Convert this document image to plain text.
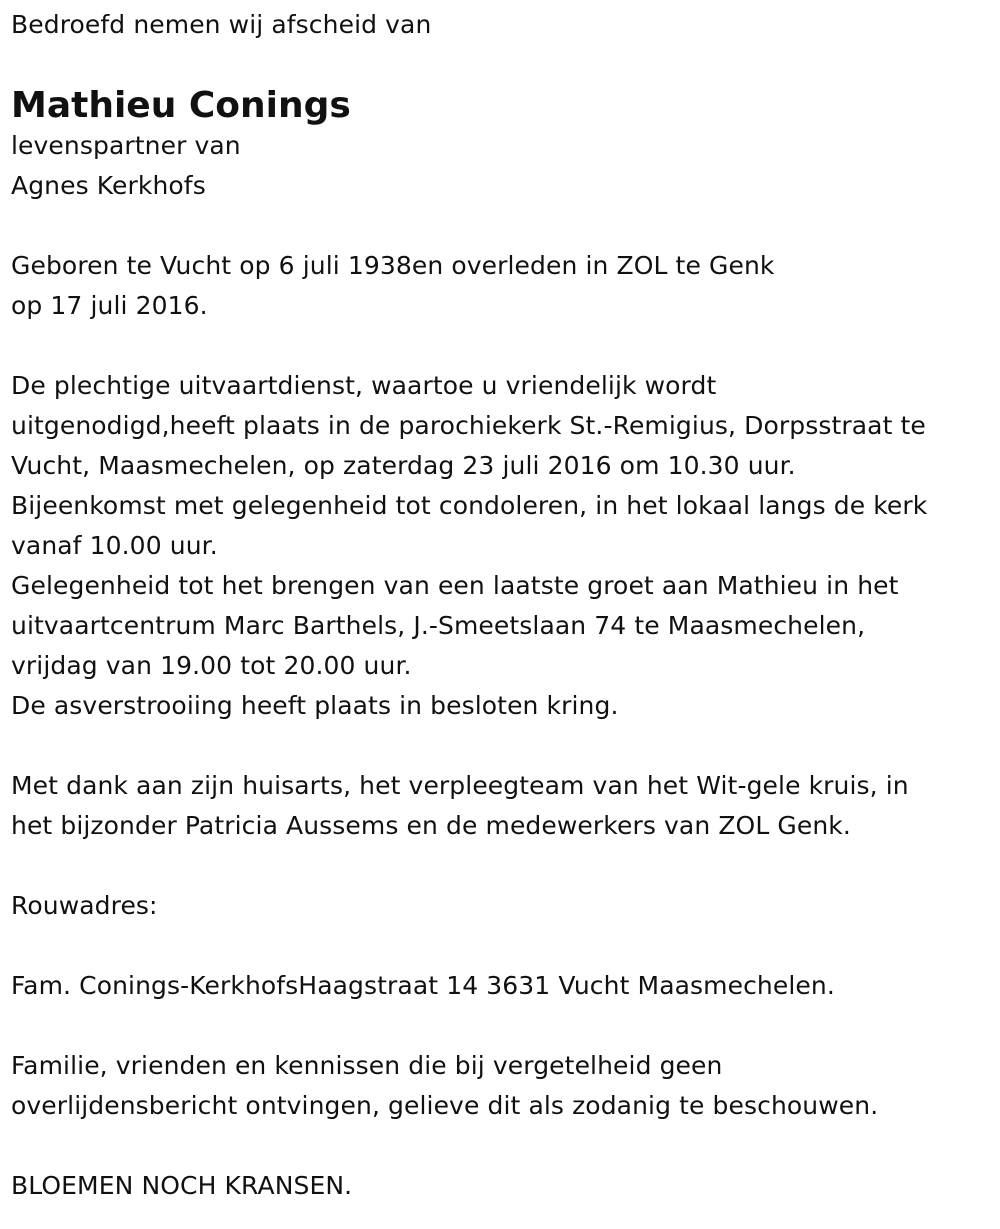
Bedroefd nemen wij afscheid van
Mathieu Conings
levenspartner van
Agnes Kerkhofs
Geboren te Vucht op 6 juli 1938en overleden in ZOL te Genk
op 17 juli 2016.
De plechtige uitvaartdienst, waartoe u vriendelijk wordt
uitgenodigd,heeft plaats in de parochiekerk St.-Remigius, Dorpsstraat te
Vucht, Maasmechelen, op zaterdag 23 juli 2016 om 10.30 uur.
Bijeenkomst met gelegenheid tot condoleren, in het lokaal langs de kerk
vanaf 10.00 uur.
Gelegenheid tot het brengen van een laatste groet aan Mathieu in het
uitvaartcentrum Marc Barthels, J.-Smeetslaan 74 te Maasmechelen,
vrijdag van 19.00 tot 20.00 uur.
De asverstrooiing heeft plaats in besloten kring.
Met dank aan zijn huisarts, het verpleegteam van het Wit-gele kruis, in
het bijzonder Patricia Aussems en de medewerkers van ZOL Genk.
Rouwadres:
Fam. Conings-KerkhofsHaagstraat 14 3631 Vucht Maasmechelen.
Familie, vrienden en kennissen die bij vergetelheid geen
overlijdensbericht ontvingen, gelieve dit als zodanig te beschouwen.
BLOEMEN NOCH KRANSEN.
